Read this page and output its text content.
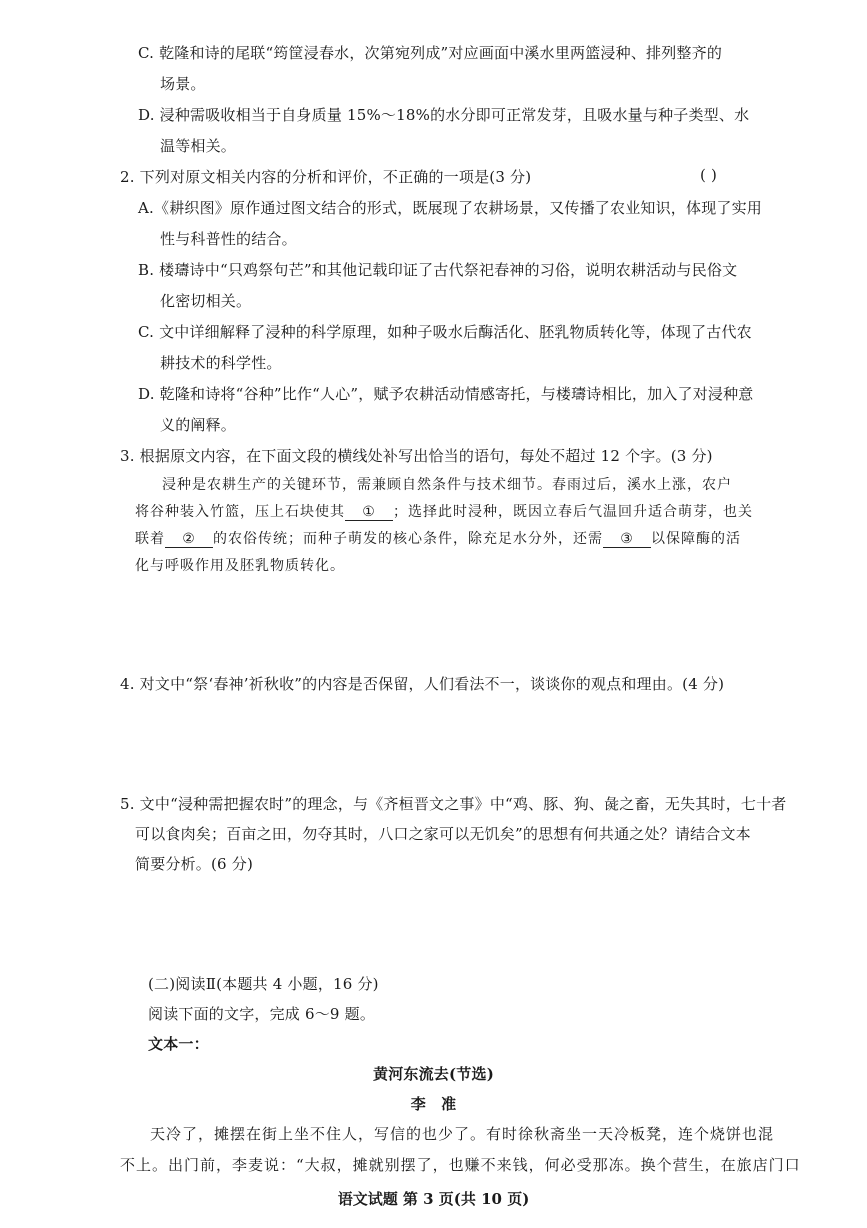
C. 乾隆和诗的尾联“筠筐浸春水，次第宛列成”对应画面中溪水里两篮浸种、排列整齐的
场景。
D. 浸种需吸收相当于自身质量 15%～18%的水分即可正常发芽，且吸水量与种子类型、水
温等相关。
2. 下列对原文相关内容的分析和评价，不正确的一项是(3 分)	( )
A.《耕织图》原作通过图文结合的形式，既展现了农耕场景，又传播了农业知识，体现了实用
性与科普性的结合。
B. 楼璹诗中“只鸡祭句芒”和其他记载印证了古代祭祀春神的习俗，说明农耕活动与民俗文
化密切相关。
C. 文中详细解释了浸种的科学原理，如种子吸水后酶活化、胚乳物质转化等，体现了古代农
耕技术的科学性。
D. 乾隆和诗将“谷种”比作“人心”，赋予农耕活动情感寄托，与楼璹诗相比，加入了对浸种意
义的阐释。
3. 根据原文内容，在下面文段的横线处补写出恰当的语句，每处不超过 12 个字。(3 分)
浸种是农耕生产的关键环节，需兼顾自然条件与技术细节。春雨过后，溪水上涨，农户
将谷种装入竹篮，压上石块使其 ① ；选择此时浸种，既因立春后气温回升适合萌芽，也关
联着 ② 的农俗传统；而种子萌发的核心条件，除充足水分外，还需 ③ 以保障酶的活
化与呼吸作用及胚乳物质转化。
4. 对文中“祭‘春神’祈秋收”的内容是否保留，人们看法不一，谈谈你的观点和理由。(4 分)
5. 文中“浸种需把握农时”的理念，与《齐桓晋文之事》中“鸡、豚、狗、彘之畜，无失其时，七十者
可以食肉矣；百亩之田，勿夺其时，八口之家可以无饥矣”的思想有何共通之处？请结合文本
简要分析。(6 分)
(二)阅读Ⅱ(本题共 4 小题，16 分)
阅读下面的文字，完成 6～9 题。
文本一：
黄河东流去(节选)
李　准
天冷了，摊摆在街上坐不住人，写信的也少了。有时徐秋斋坐一天冷板凳，连个烧饼也混
不上。出门前，李麦说：“大叔，摊就别摆了，也赚不来钱，何必受那冻。换个营生，在旅店门口
语文试题 第 3 页(共 10 页)
